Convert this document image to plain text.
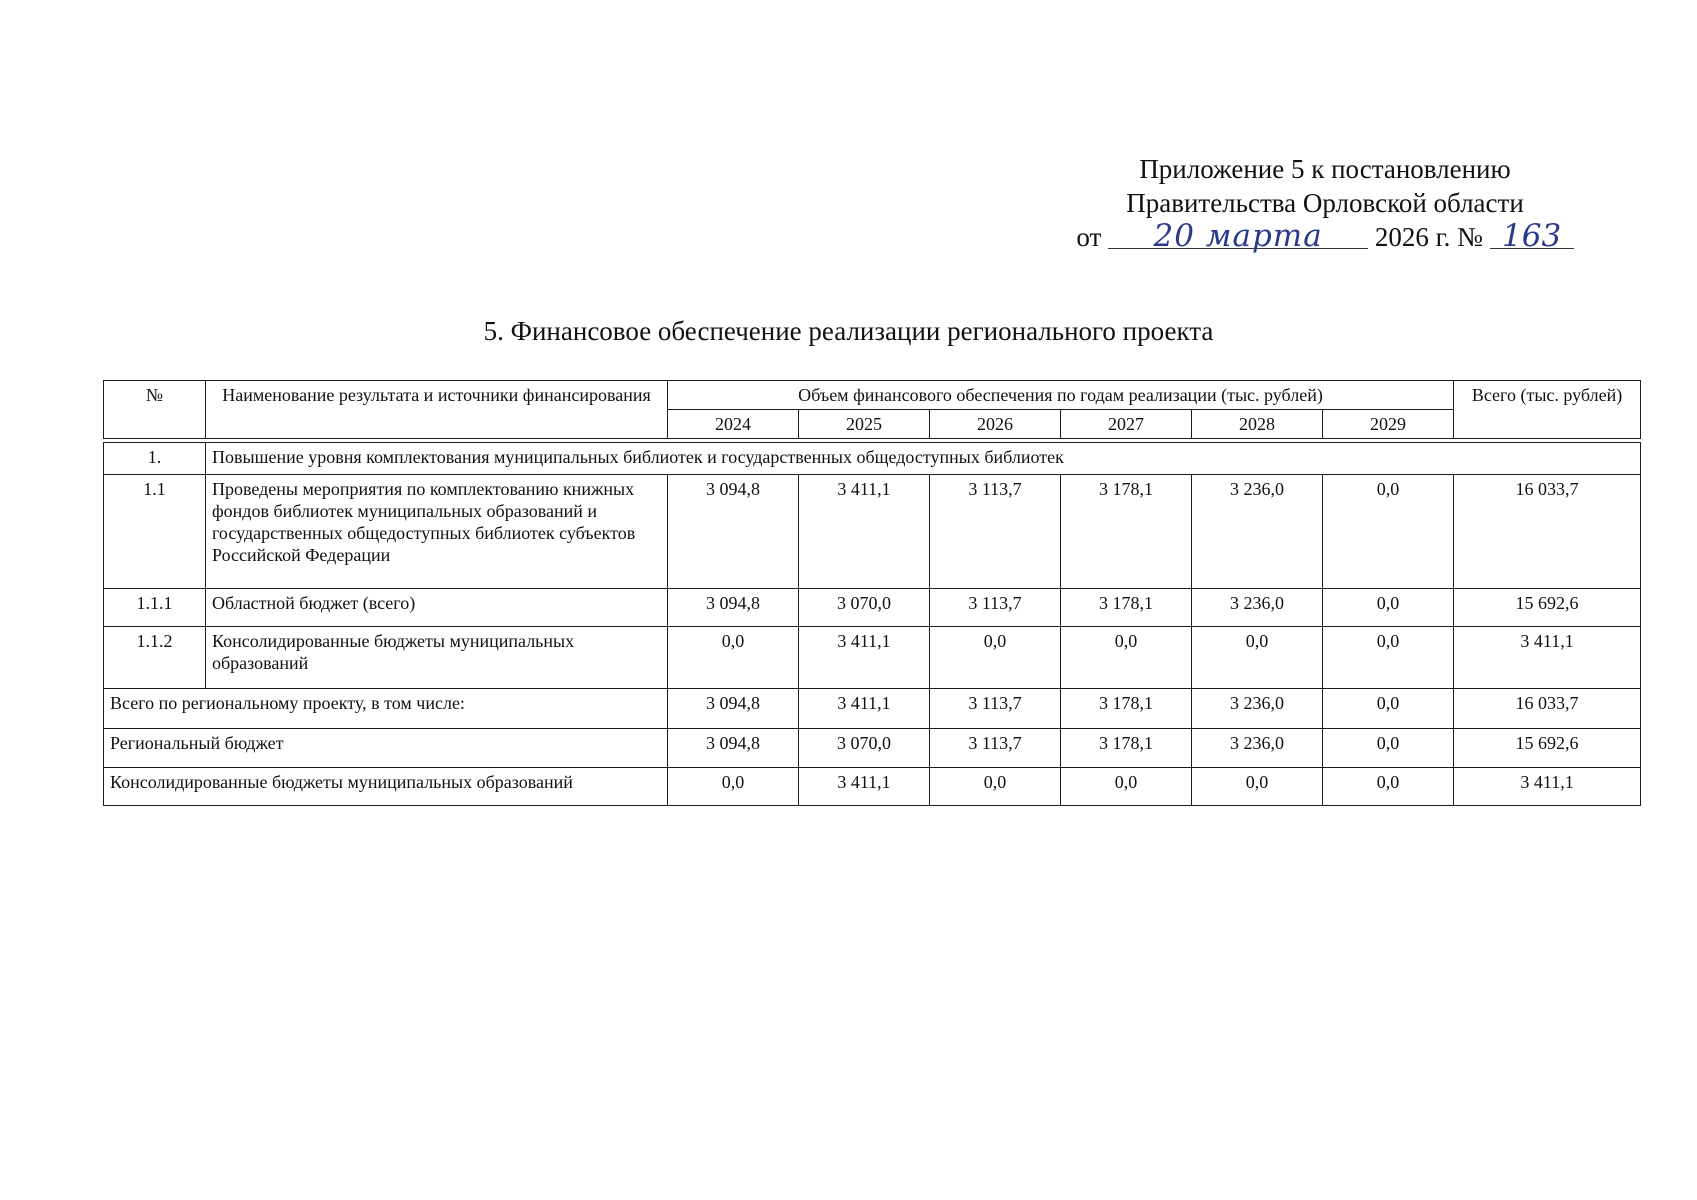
Приложение 5 к постановлению
Правительства Орловской области
от 20 марта 2026 г. № 163
5. Финансовое обеспечение реализации регионального проекта
№	Наименование результата и источники финансирования	Объем финансового обеспечения по годам реализации (тыс. рублей)						Всего (тыс. рублей)
		2024	2025	2026	2027	2028	2029	

1.	Повышение уровня комплектования муниципальных библиотек и государственных общедоступных библиотек							
1.1	Проведены мероприятия по комплектованию книжных фондов библиотек муниципальных образований и государственных общедоступных библиотек субъектов Российской Федерации	3 094,8	3 411,1	3 113,7	3 178,1	3 236,0	0,0	16 033,7
1.1.1	Областной бюджет (всего)	3 094,8	3 070,0	3 113,7	3 178,1	3 236,0	0,0	15 692,6
1.1.2	Консолидированные бюджеты муниципальных образований	0,0	3 411,1	0,0	0,0	0,0	0,0	3 411,1
Всего по региональному проекту, в том числе:		3 094,8	3 411,1	3 113,7	3 178,1	3 236,0	0,0	16 033,7
Региональный бюджет		3 094,8	3 070,0	3 113,7	3 178,1	3 236,0	0,0	15 692,6
Консолидированные бюджеты муниципальных образований		0,0	3 411,1	0,0	0,0	0,0	0,0	3 411,1
